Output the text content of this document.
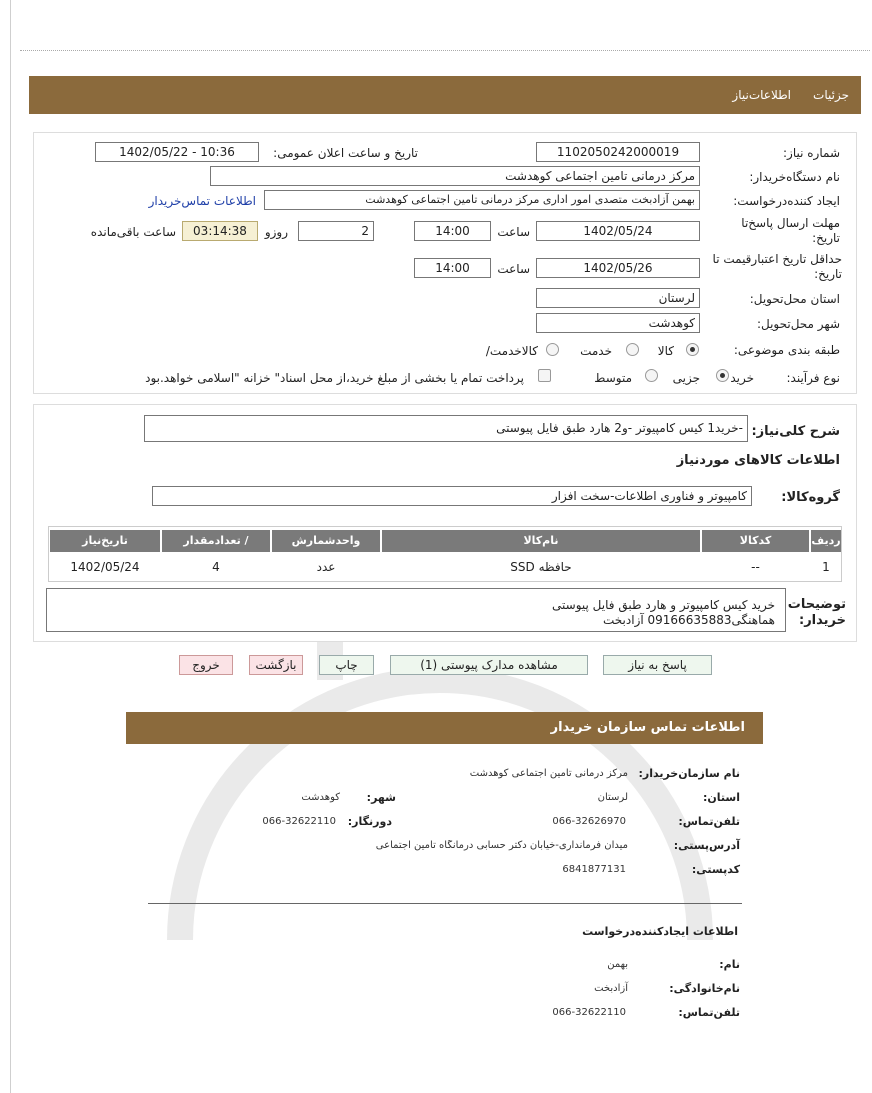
جزئیات
اطلاعات‌نیاز
شماره نیاز:
1102050242000019
تاریخ و ساعت اعلان عمومی:
1402/05/22 - 10:36
نام دستگاه‌خریدار:
مرکز درمانی تامین اجتماعی کوهدشت
ایجاد کننده‌درخواست:
بهمن آزادبخت متصدی امور اداری مرکز درمانی تامین اجتماعی کوهدشت
اطلاعات تماس‌خریدار
مهلت ارسال پاسخ‌تا تاریخ:
1402/05/24
ساعت
14:00
2
روزو
03:14:38
ساعت باقی‌مانده
حداقل تاریخ اعتبار‌قیمت تا تاریخ:
1402/05/26
ساعت
14:00
استان محل‌تحویل:
لرستان
شهر محل‌تحویل:
کوهدشت
طبقه بندی موضوعی:
کالا
خدمت
کالا‌خدمت/
نوع فرآیند:
خرید
جزیی
متوسط
پرداخت تمام یا بخشی از مبلغ خرید،از محل اسناد" خزانه "اسلامی خواهد.بود
شرح کلی‌نیاز:
-خرید1 کیس کامپیوتر -و2 هارد طبق فایل پیوستی
اطلاعات کالاهای موردنیاز
گروه‌کالا:
کامپیوتر و فناوری اطلاعات-سخت افزار
ردیف
کدکالا
نام‌کالا
واحدشمارش
تعداد‌مقدار /
تاریخ‌نیاز
1
--
حافظه SSD
عدد
4
1402/05/24
توضیحات خریدار:
خرید کیس کامپیوتر و هارد طبق فایل پیوستی
هماهنگی09166635883 آزادبخت
پاسخ به نیاز
مشاهده مدارک پیوستی (1)
چاپ
بازگشت
خروج
اطلاعات تماس سازمان خریدار
نام سازمان‌خریدار:
مرکز درمانی تامین اجتماعی کوهدشت
استان:
لرستان
شهر:
کوهدشت
تلفن‌تماس:
066-32626970
دورنگار:
066-32622110
آدرس‌پستی:
میدان فرمانداری-خیابان دکتر حسابی درمانگاه تامین اجتماعی
کد‌پستی:
6841877131
اطلاعات ایجاد‌کننده‌درخواست
نام:
بهمن
نام‌خانوادگی:
آزادبخت
تلفن‌تماس:
066-32622110
